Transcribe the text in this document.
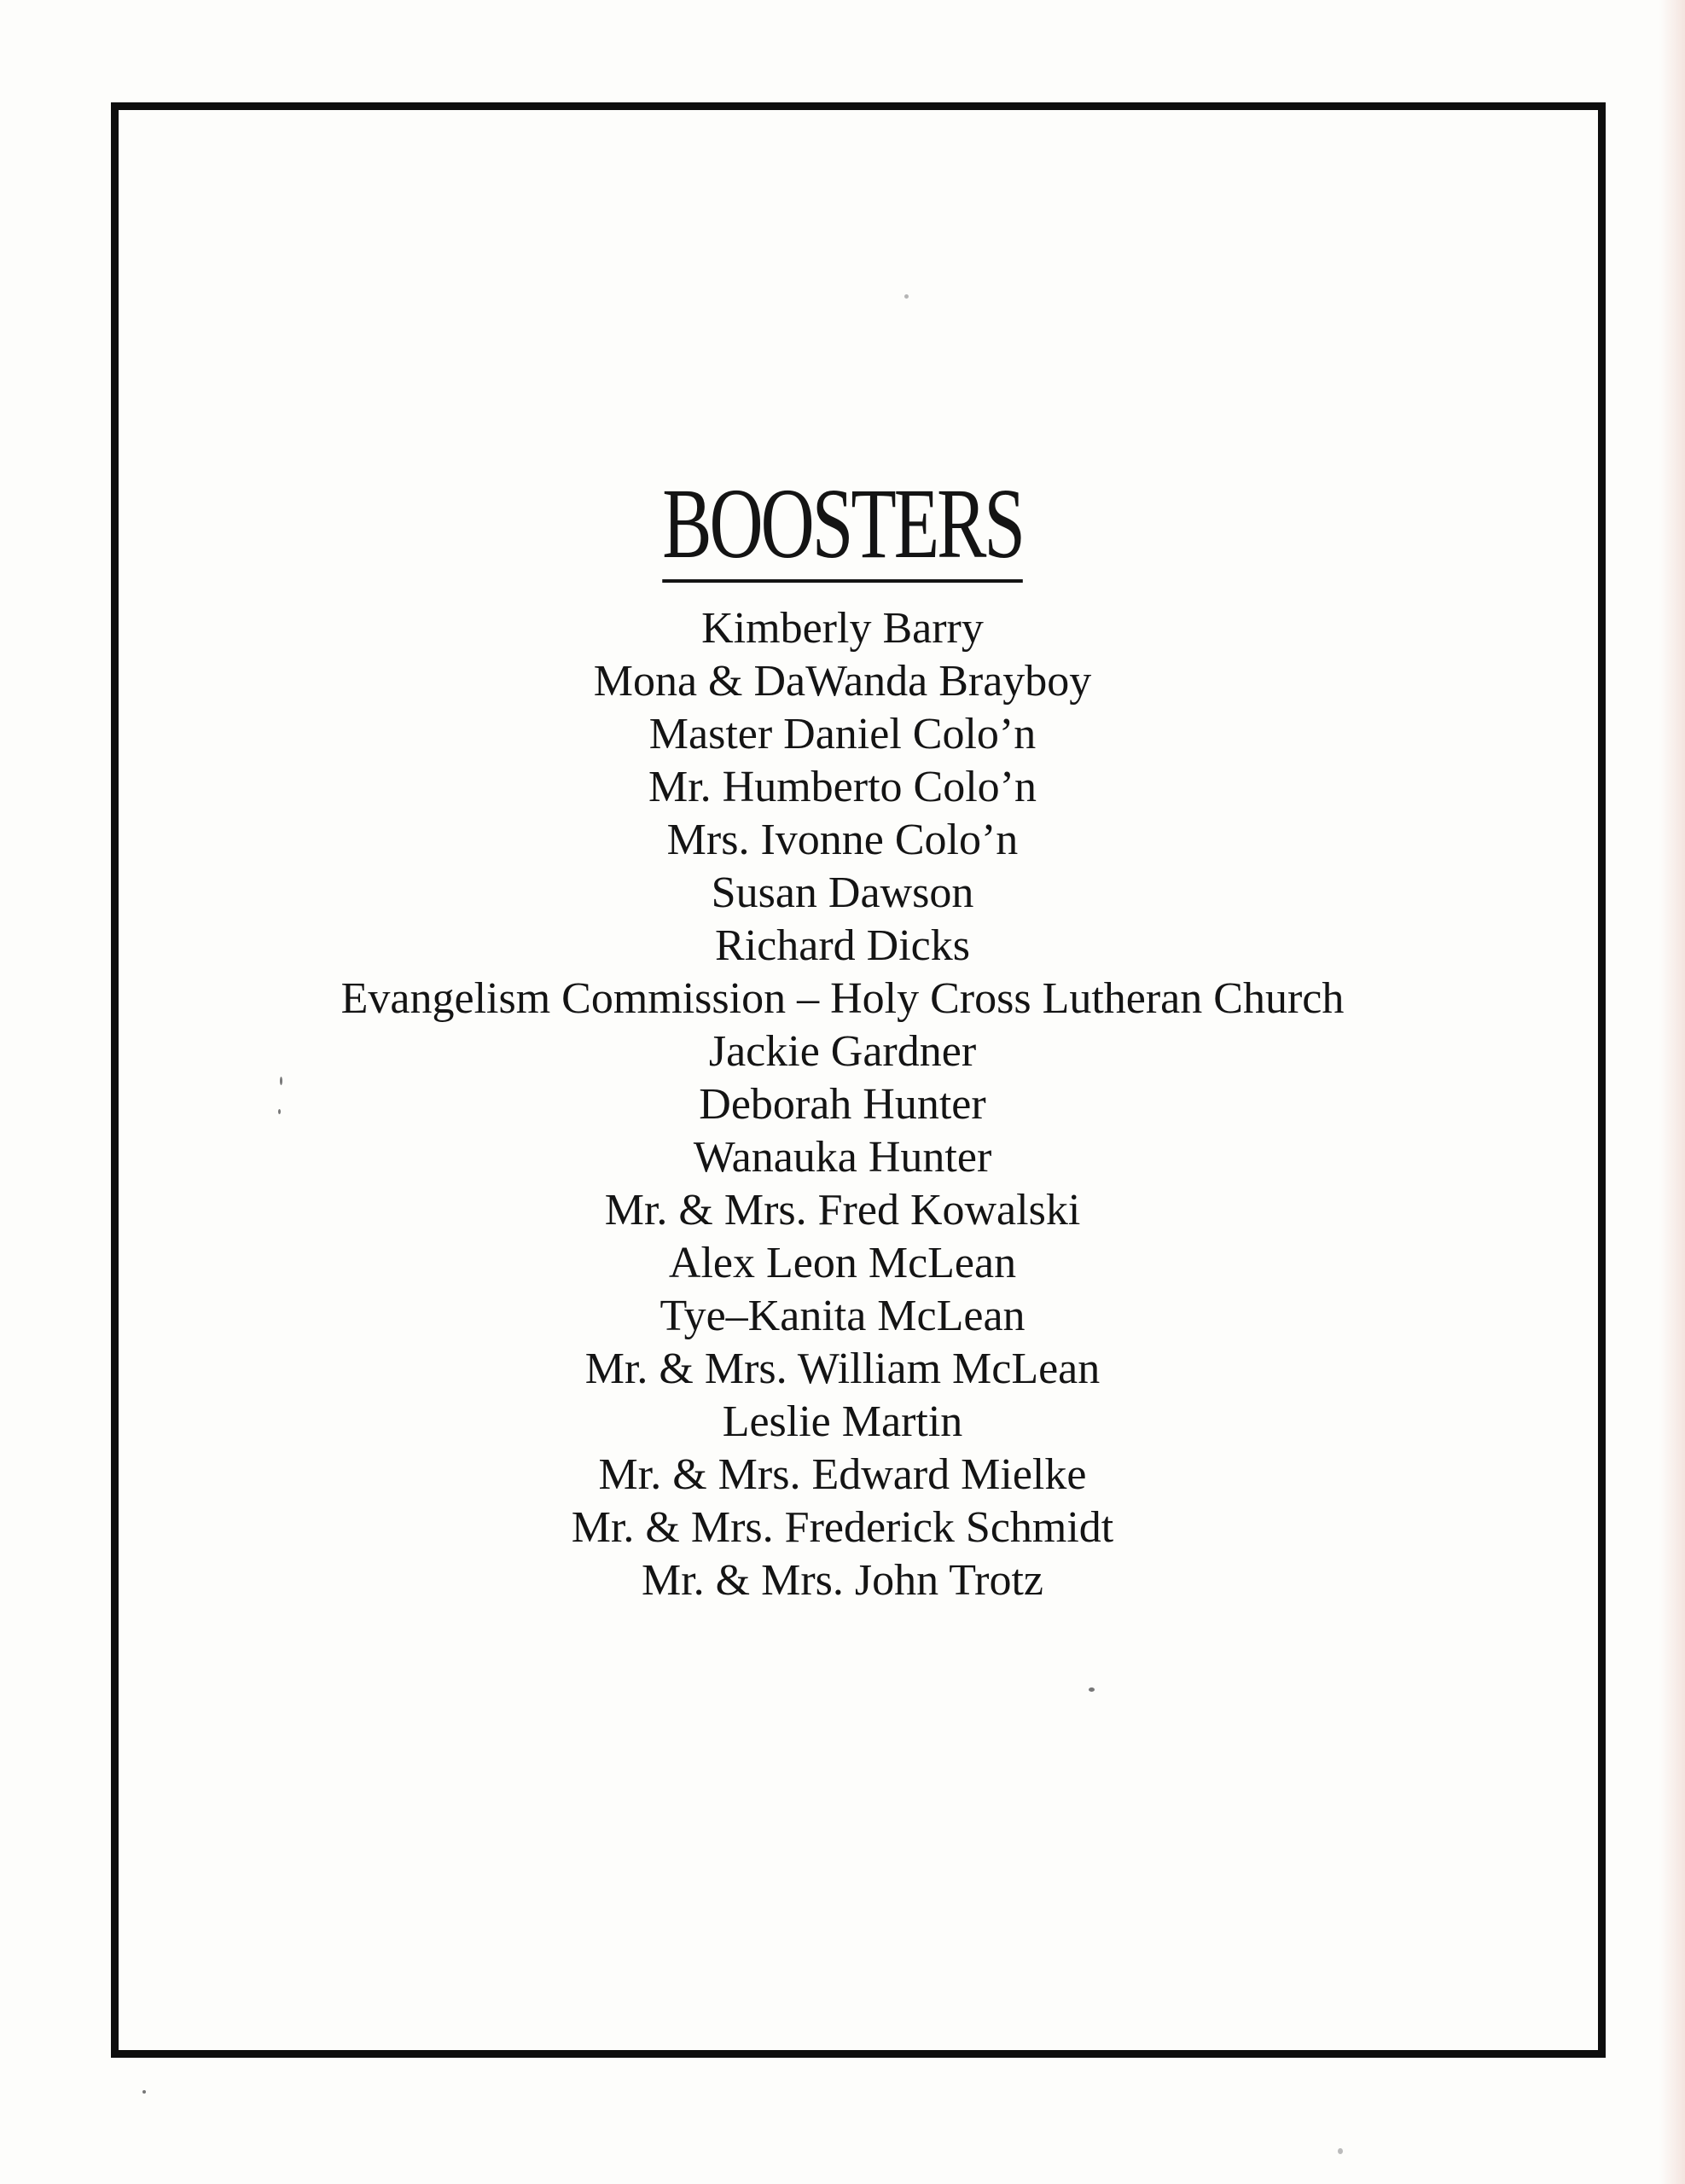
BOOSTERS
Kimberly Barry
Mona & DaWanda Brayboy
Master Daniel Colo’n
Mr. Humberto Colo’n
Mrs. Ivonne Colo’n
Susan Dawson
Richard Dicks
Evangelism Commission – Holy Cross Lutheran Church
Jackie Gardner
Deborah Hunter
Wanauka Hunter
Mr. & Mrs. Fred Kowalski
Alex Leon McLean
Tye–Kanita McLean
Mr. & Mrs. William McLean
Leslie Martin
Mr. & Mrs. Edward Mielke
Mr. & Mrs. Frederick Schmidt
Mr. & Mrs. John Trotz
